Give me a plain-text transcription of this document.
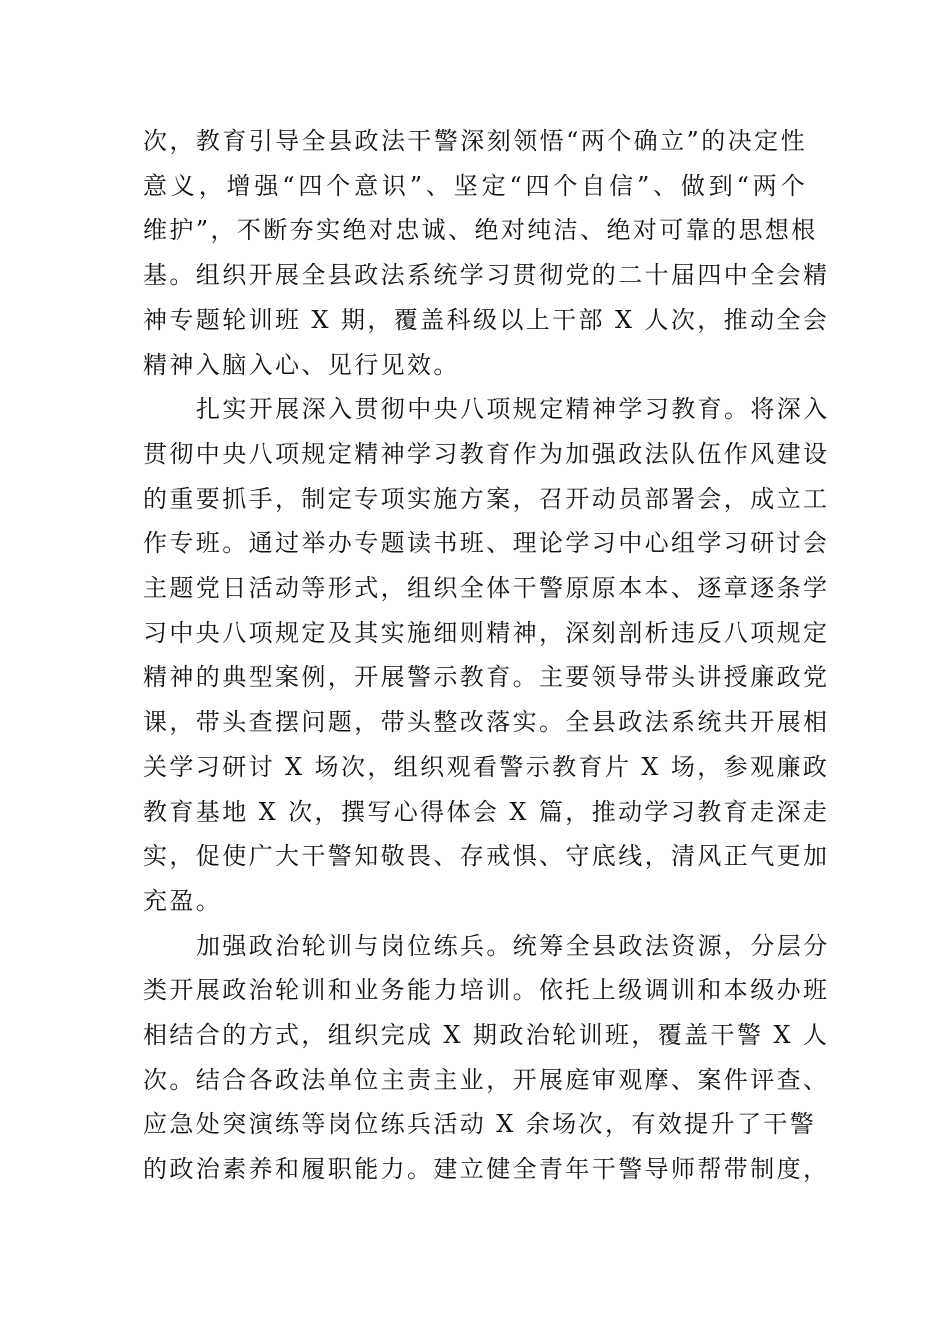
次，教育引导全县政法干警深刻领悟“两个确立”的决定性
意义，增强“四个意识”、坚定“四个自信”、做到“两个
维护”，不断夯实绝对忠诚、绝对纯洁、绝对可靠的思想根
基。组织开展全县政法系统学习贯彻党的二十届四中全会精
神专题轮训班 X 期，覆盖科级以上干部 X 人次，推动全会
精神入脑入心、见行见效。

扎实开展深入贯彻中央八项规定精神学习教育。将深入
贯彻中央八项规定精神学习教育作为加强政法队伍作风建设
的重要抓手，制定专项实施方案，召开动员部署会，成立工
作专班。通过举办专题读书班、理论学习中心组学习研讨会
主题党日活动等形式，组织全体干警原原本本、逐章逐条学
习中央八项规定及其实施细则精神，深刻剖析违反八项规定
精神的典型案例，开展警示教育。主要领导带头讲授廉政党
课，带头查摆问题，带头整改落实。全县政法系统共开展相
关学习研讨 X 场次，组织观看警示教育片 X 场，参观廉政
教育基地 X 次，撰写心得体会 X 篇，推动学习教育走深走
实，促使广大干警知敬畏、存戒惧、守底线，清风正气更加
充盈。

加强政治轮训与岗位练兵。统筹全县政法资源，分层分
类开展政治轮训和业务能力培训。依托上级调训和本级办班
相结合的方式，组织完成 X 期政治轮训班，覆盖干警 X 人
次。结合各政法单位主责主业，开展庭审观摩、案件评查、
应急处突演练等岗位练兵活动 X 余场次，有效提升了干警
的政治素养和履职能力。建立健全青年干警导师帮带制度，
